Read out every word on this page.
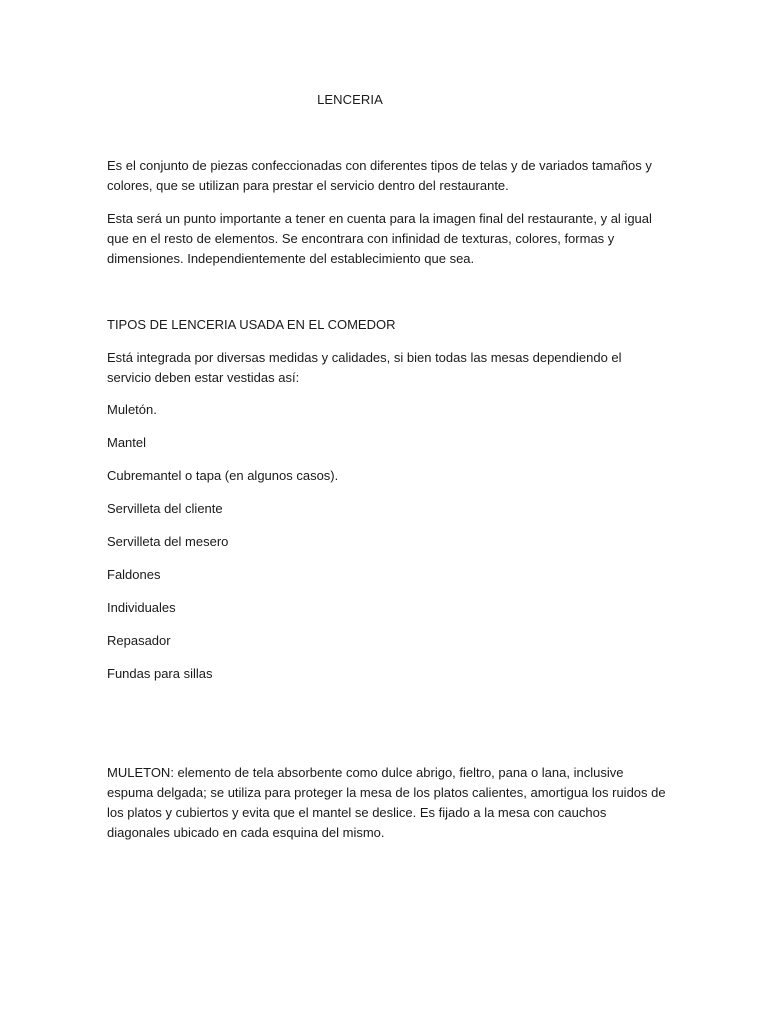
LENCERIA

Es el conjunto de piezas confeccionadas con diferentes tipos de telas y de variados tamaños y colores, que se utilizan para prestar el servicio dentro del restaurante.

Esta será un punto importante a tener en cuenta para la imagen final del restaurante, y al igual que en el resto de elementos. Se encontrara con infinidad de texturas, colores, formas y dimensiones. Independientemente del establecimiento que sea.

TIPOS DE LENCERIA USADA EN EL COMEDOR

Está integrada por diversas medidas y calidades, si bien todas las mesas dependiendo el servicio deben estar vestidas así:

Muletón.
Mantel
Cubremantel o tapa (en algunos casos).
Servilleta del cliente
Servilleta del mesero
Faldones
Individuales
Repasador
Fundas para sillas

MULETON: elemento de tela absorbente como dulce abrigo, fieltro, pana o lana, inclusive espuma delgada; se utiliza para proteger la mesa de los platos calientes, amortigua los ruidos de los platos y cubiertos y evita que el mantel se deslice. Es fijado a la mesa con cauchos diagonales ubicado en cada esquina del mismo.
